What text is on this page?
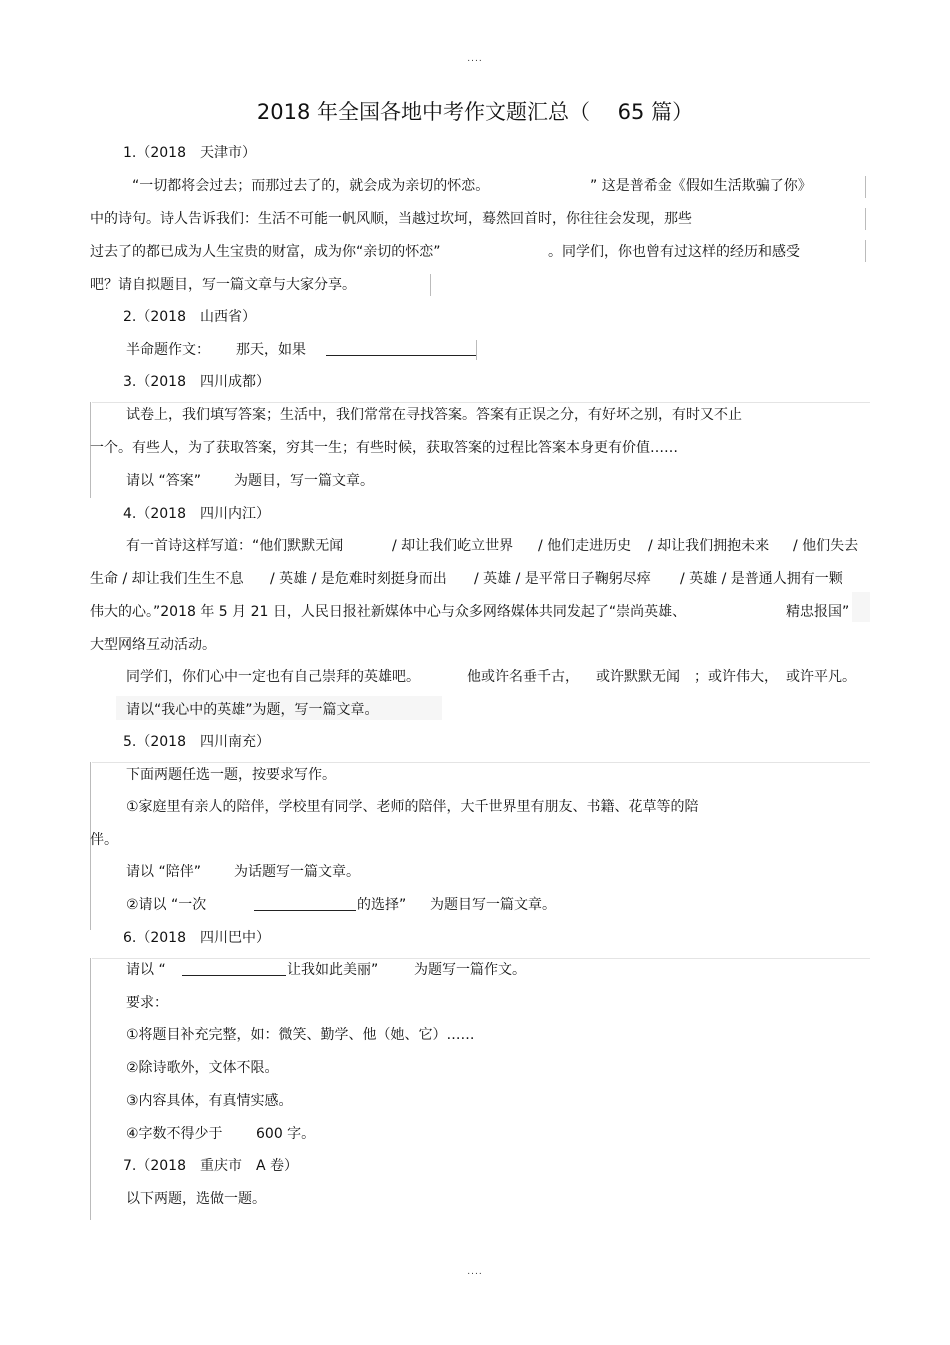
....
2018 年全国各地中考作文题汇总（　 65 篇）
1.（2018　天津市）
“一切都将会过去；而那过去了的，就会成为亲切的怀恋。	” 这是普希金《假如生活欺骗了你》
中的诗句。诗人告诉我们：生活不可能一帆风顺，当越过坎坷，蓦然回首时，你往往会发现，那些
过去了的都已成为人生宝贵的财富，成为你“亲切的怀恋”	。同学们，你也曾有过这样的经历和感受
吧？请自拟题目，写一篇文章与大家分享。
2.（2018　山西省）
半命题作文： 那天，如果
3.（2018　四川成都）
试卷上，我们填写答案；生活中，我们常常在寻找答案。答案有正误之分，有好坏之别，有时又不止
一个。有些人，为了获取答案，穷其一生；有些时候，获取答案的过程比答案本身更有价值……
请以 “答案” 为题目，写一篇文章。
4.（2018　四川内江）
有一首诗这样写道：“他们默默无闻	/ 却让我们屹立世界 / 他们走进历史 / 却让我们拥抱未来 / 他们失去
生命 / 却让我们生生不息 / 英雄 / 是危难时刻挺身而出 / 英雄 / 是平常日子鞠躬尽瘁 / 英雄 / 是普通人拥有一颗
伟大的心。”2018 年 5 月 21 日，人民日报社新媒体中心与众多网络媒体共同发起了“崇尚英雄、	精忠报国”
大型网络互动活动。
同学们，你们心中一定也有自己崇拜的英雄吧。	他或许名垂千古， 或许默默无闻 ；或许伟大， 或许平凡。
请以“我心中的英雄”为题，写一篇文章。
5.（2018　四川南充）
下面两题任选一题，按要求写作。
①家庭里有亲人的陪伴，学校里有同学、老师的陪伴，大千世界里有朋友、书籍、花草等的陪
伴。
请以 “陪伴” 为话题写一篇文章。
②请以 “一次	的选择” 为题目写一篇文章。
6.（2018　四川巴中）
请以 “	让我如此美丽”	为题写一篇作文。
要求：
①将题目补充完整，如：微笑、勤学、他（她、它）……
②除诗歌外，文体不限。
③内容具体，有真情实感。
④字数不得少于 600 字。
7.（2018　重庆市　A 卷）
以下两题，选做一题。
....
